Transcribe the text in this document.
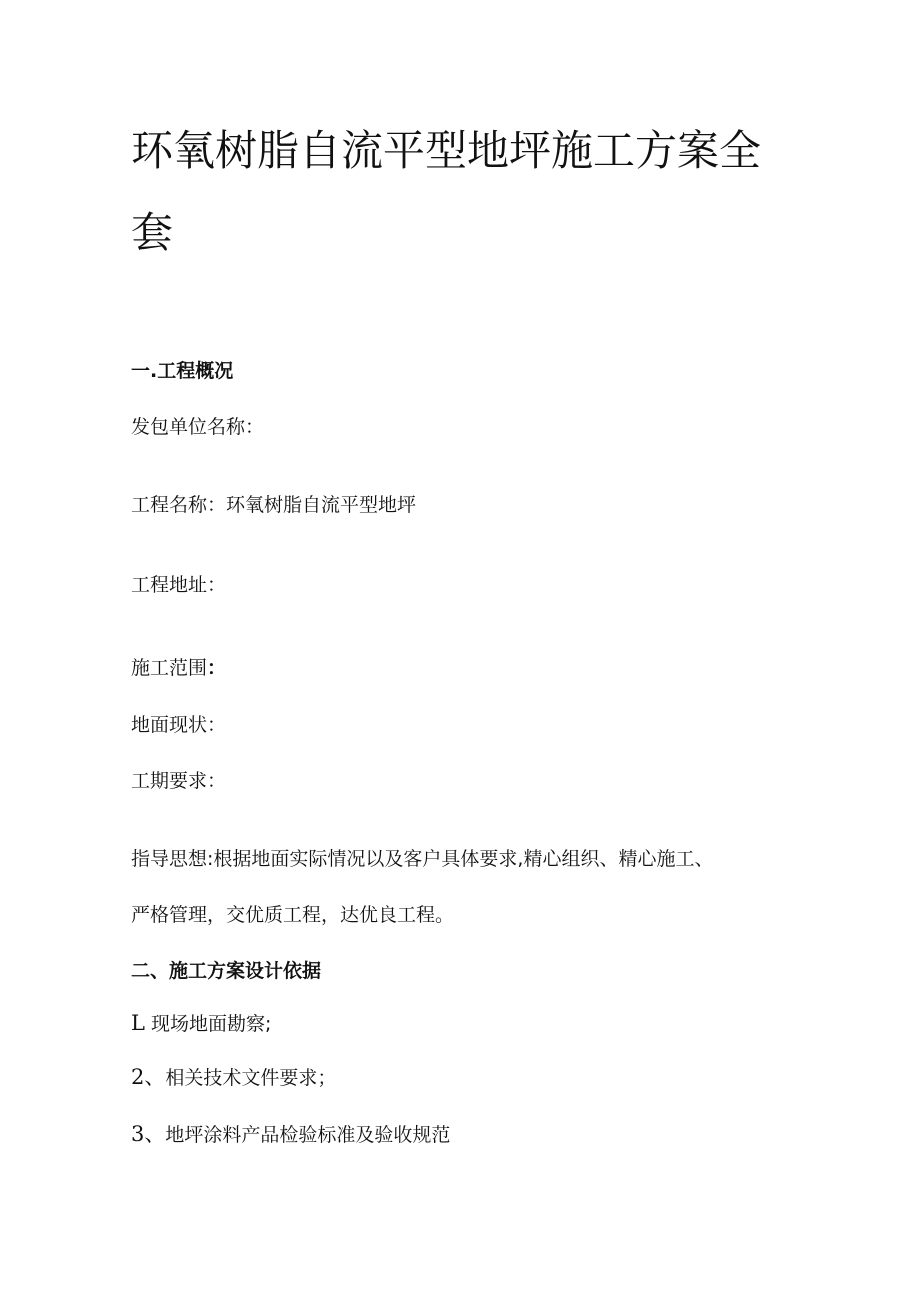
环氧树脂自流平型地坪施工方案全
套

一.工程概况

发包单位名称：

工程名称：环氧树脂自流平型地坪

工程地址：

施工范围：

地面现状：

工期要求：

指导思想:根据地面实际情况以及客户具体要求,精心组织、精心施工、

严格管理，交优质工程，达优良工程。

二、施工方案设计依据

L 现场地面勘察;

2、相关技术文件要求；

3、地坪涂料产品检验标准及验收规范
